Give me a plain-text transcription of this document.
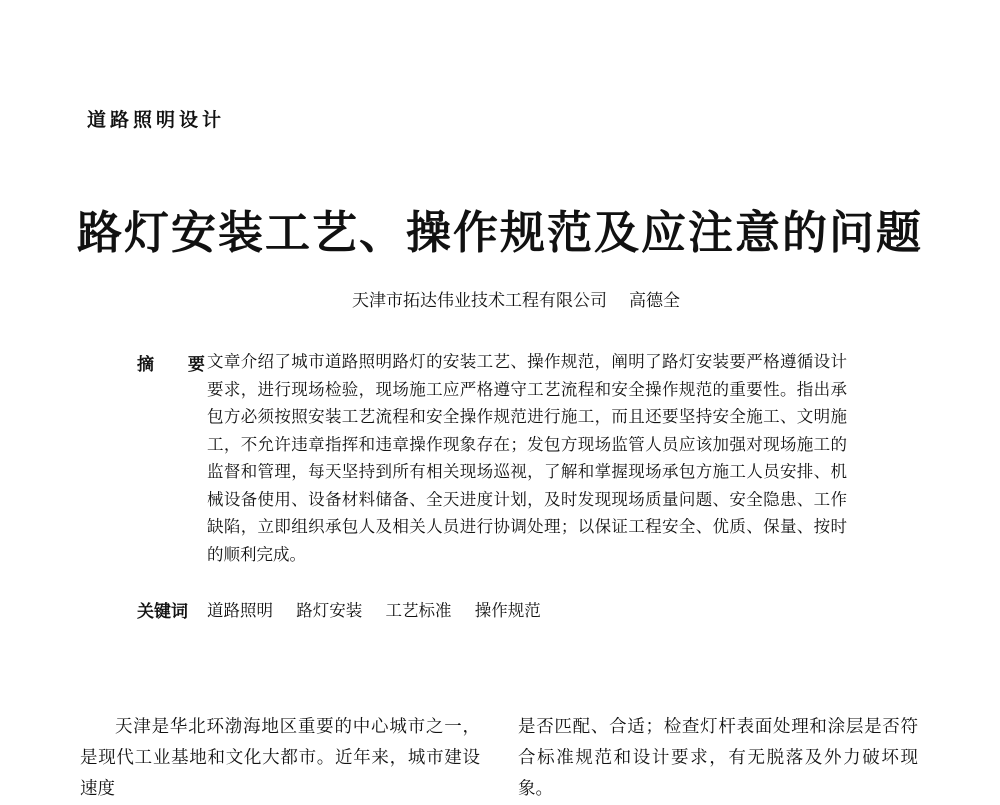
道路照明设计
路灯安装工艺、操作规范及应注意的问题
天津市拓达伟业技术工程有限公司 高德全
摘 要
文章介绍了城市道路照明路灯的安装工艺、操作规范，阐明了路灯安装要严格遵循设计要求，进行现场检验，现场施工应严格遵守工艺流程和安全操作规范的重要性。指出承包方必须按照安装工艺流程和安全操作规范进行施工，而且还要坚持安全施工、文明施工，不允许违章指挥和违章操作现象存在；发包方现场监管人员应该加强对现场施工的监督和管理，每天坚持到所有相关现场巡视，了解和掌握现场承包方施工人员安排、机械设备使用、设备材料储备、全天进度计划，及时发现现场质量问题、安全隐患、工作缺陷，立即组织承包人及相关人员进行协调处理；以保证工程安全、优质、保量、按时的顺利完成。
关键词 道路照明 路灯安装 工艺标准 操作规范
天津是华北环渤海地区重要的中心城市之一，是现代工业基地和文化大都市。近年来，城市建设速度
是否匹配、合适；检查灯杆表面处理和涂层是否符合标准规范和设计要求，有无脱落及外力破坏现象。
